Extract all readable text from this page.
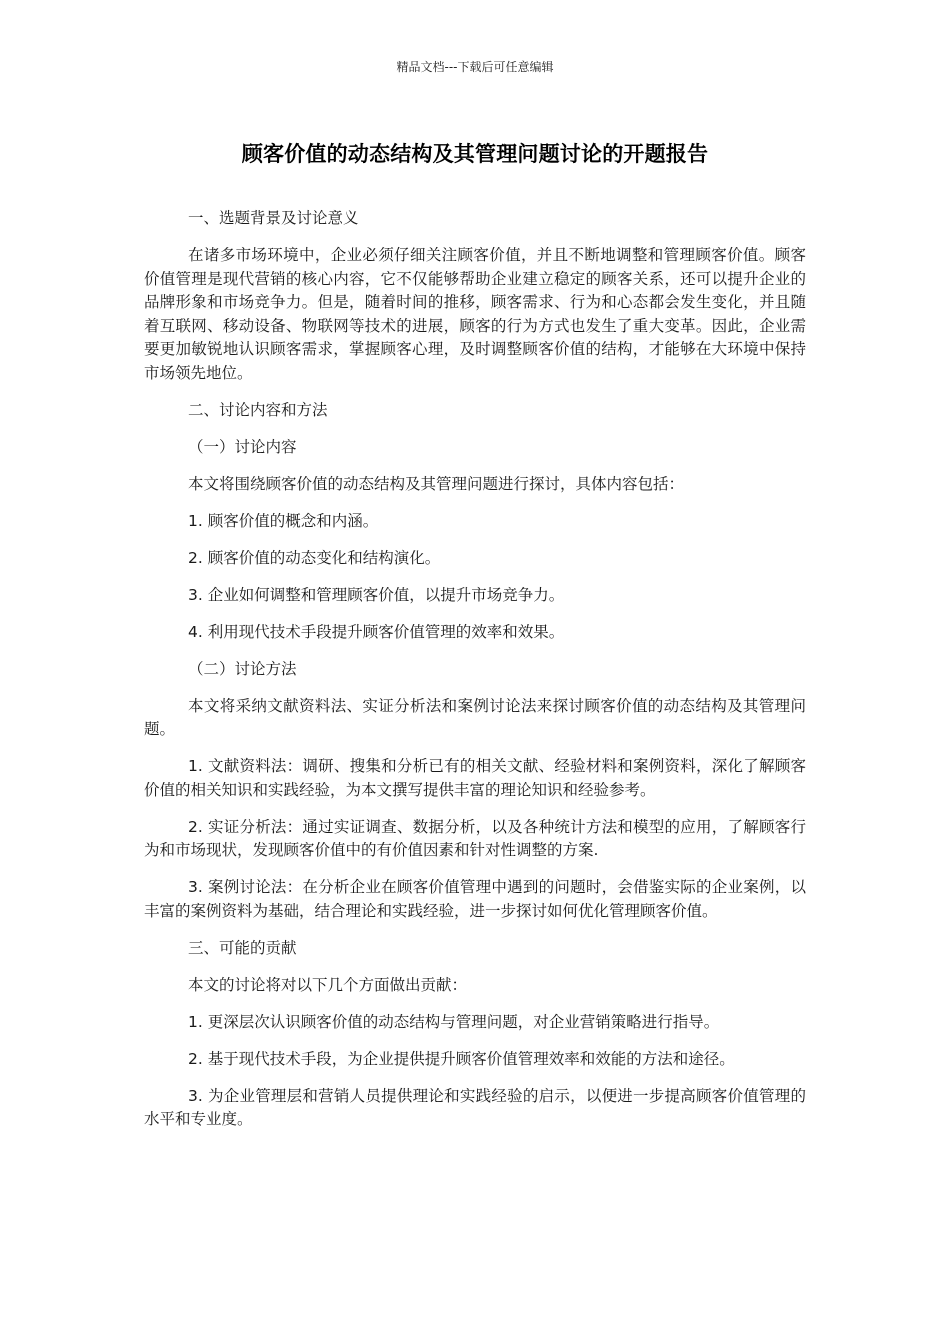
精品文档---下载后可任意编辑
顾客价值的动态结构及其管理问题讨论的开题报告

一、选题背景及讨论意义

在诸多市场环境中，企业必须仔细关注顾客价值，并且不断地调整和管理顾客价值。顾客价值管理是现代营销的核心内容，它不仅能够帮助企业建立稳定的顾客关系，还可以提升企业的品牌形象和市场竞争力。但是，随着时间的推移，顾客需求、行为和心态都会发生变化，并且随着互联网、移动设备、物联网等技术的进展，顾客的行为方式也发生了重大变革。因此，企业需要更加敏锐地认识顾客需求，掌握顾客心理，及时调整顾客价值的结构，才能够在大环境中保持市场领先地位。

二、讨论内容和方法

（一）讨论内容

本文将围绕顾客价值的动态结构及其管理问题进行探讨，具体内容包括：

1. 顾客价值的概念和内涵。

2. 顾客价值的动态变化和结构演化。

3. 企业如何调整和管理顾客价值，以提升市场竞争力。

4. 利用现代技术手段提升顾客价值管理的效率和效果。

（二）讨论方法

本文将采纳文献资料法、实证分析法和案例讨论法来探讨顾客价值的动态结构及其管理问题。

1. 文献资料法：调研、搜集和分析已有的相关文献、经验材料和案例资料，深化了解顾客价值的相关知识和实践经验，为本文撰写提供丰富的理论知识和经验参考。

2. 实证分析法：通过实证调查、数据分析，以及各种统计方法和模型的应用，了解顾客行为和市场现状，发现顾客价值中的有价值因素和针对性调整的方案.

3. 案例讨论法：在分析企业在顾客价值管理中遇到的问题时，会借鉴实际的企业案例，以丰富的案例资料为基础，结合理论和实践经验，进一步探讨如何优化管理顾客价值。

三、可能的贡献

本文的讨论将对以下几个方面做出贡献：

1. 更深层次认识顾客价值的动态结构与管理问题，对企业营销策略进行指导。

2. 基于现代技术手段，为企业提供提升顾客价值管理效率和效能的方法和途径。

3. 为企业管理层和营销人员提供理论和实践经验的启示，以便进一步提高顾客价值管理的水平和专业度。
